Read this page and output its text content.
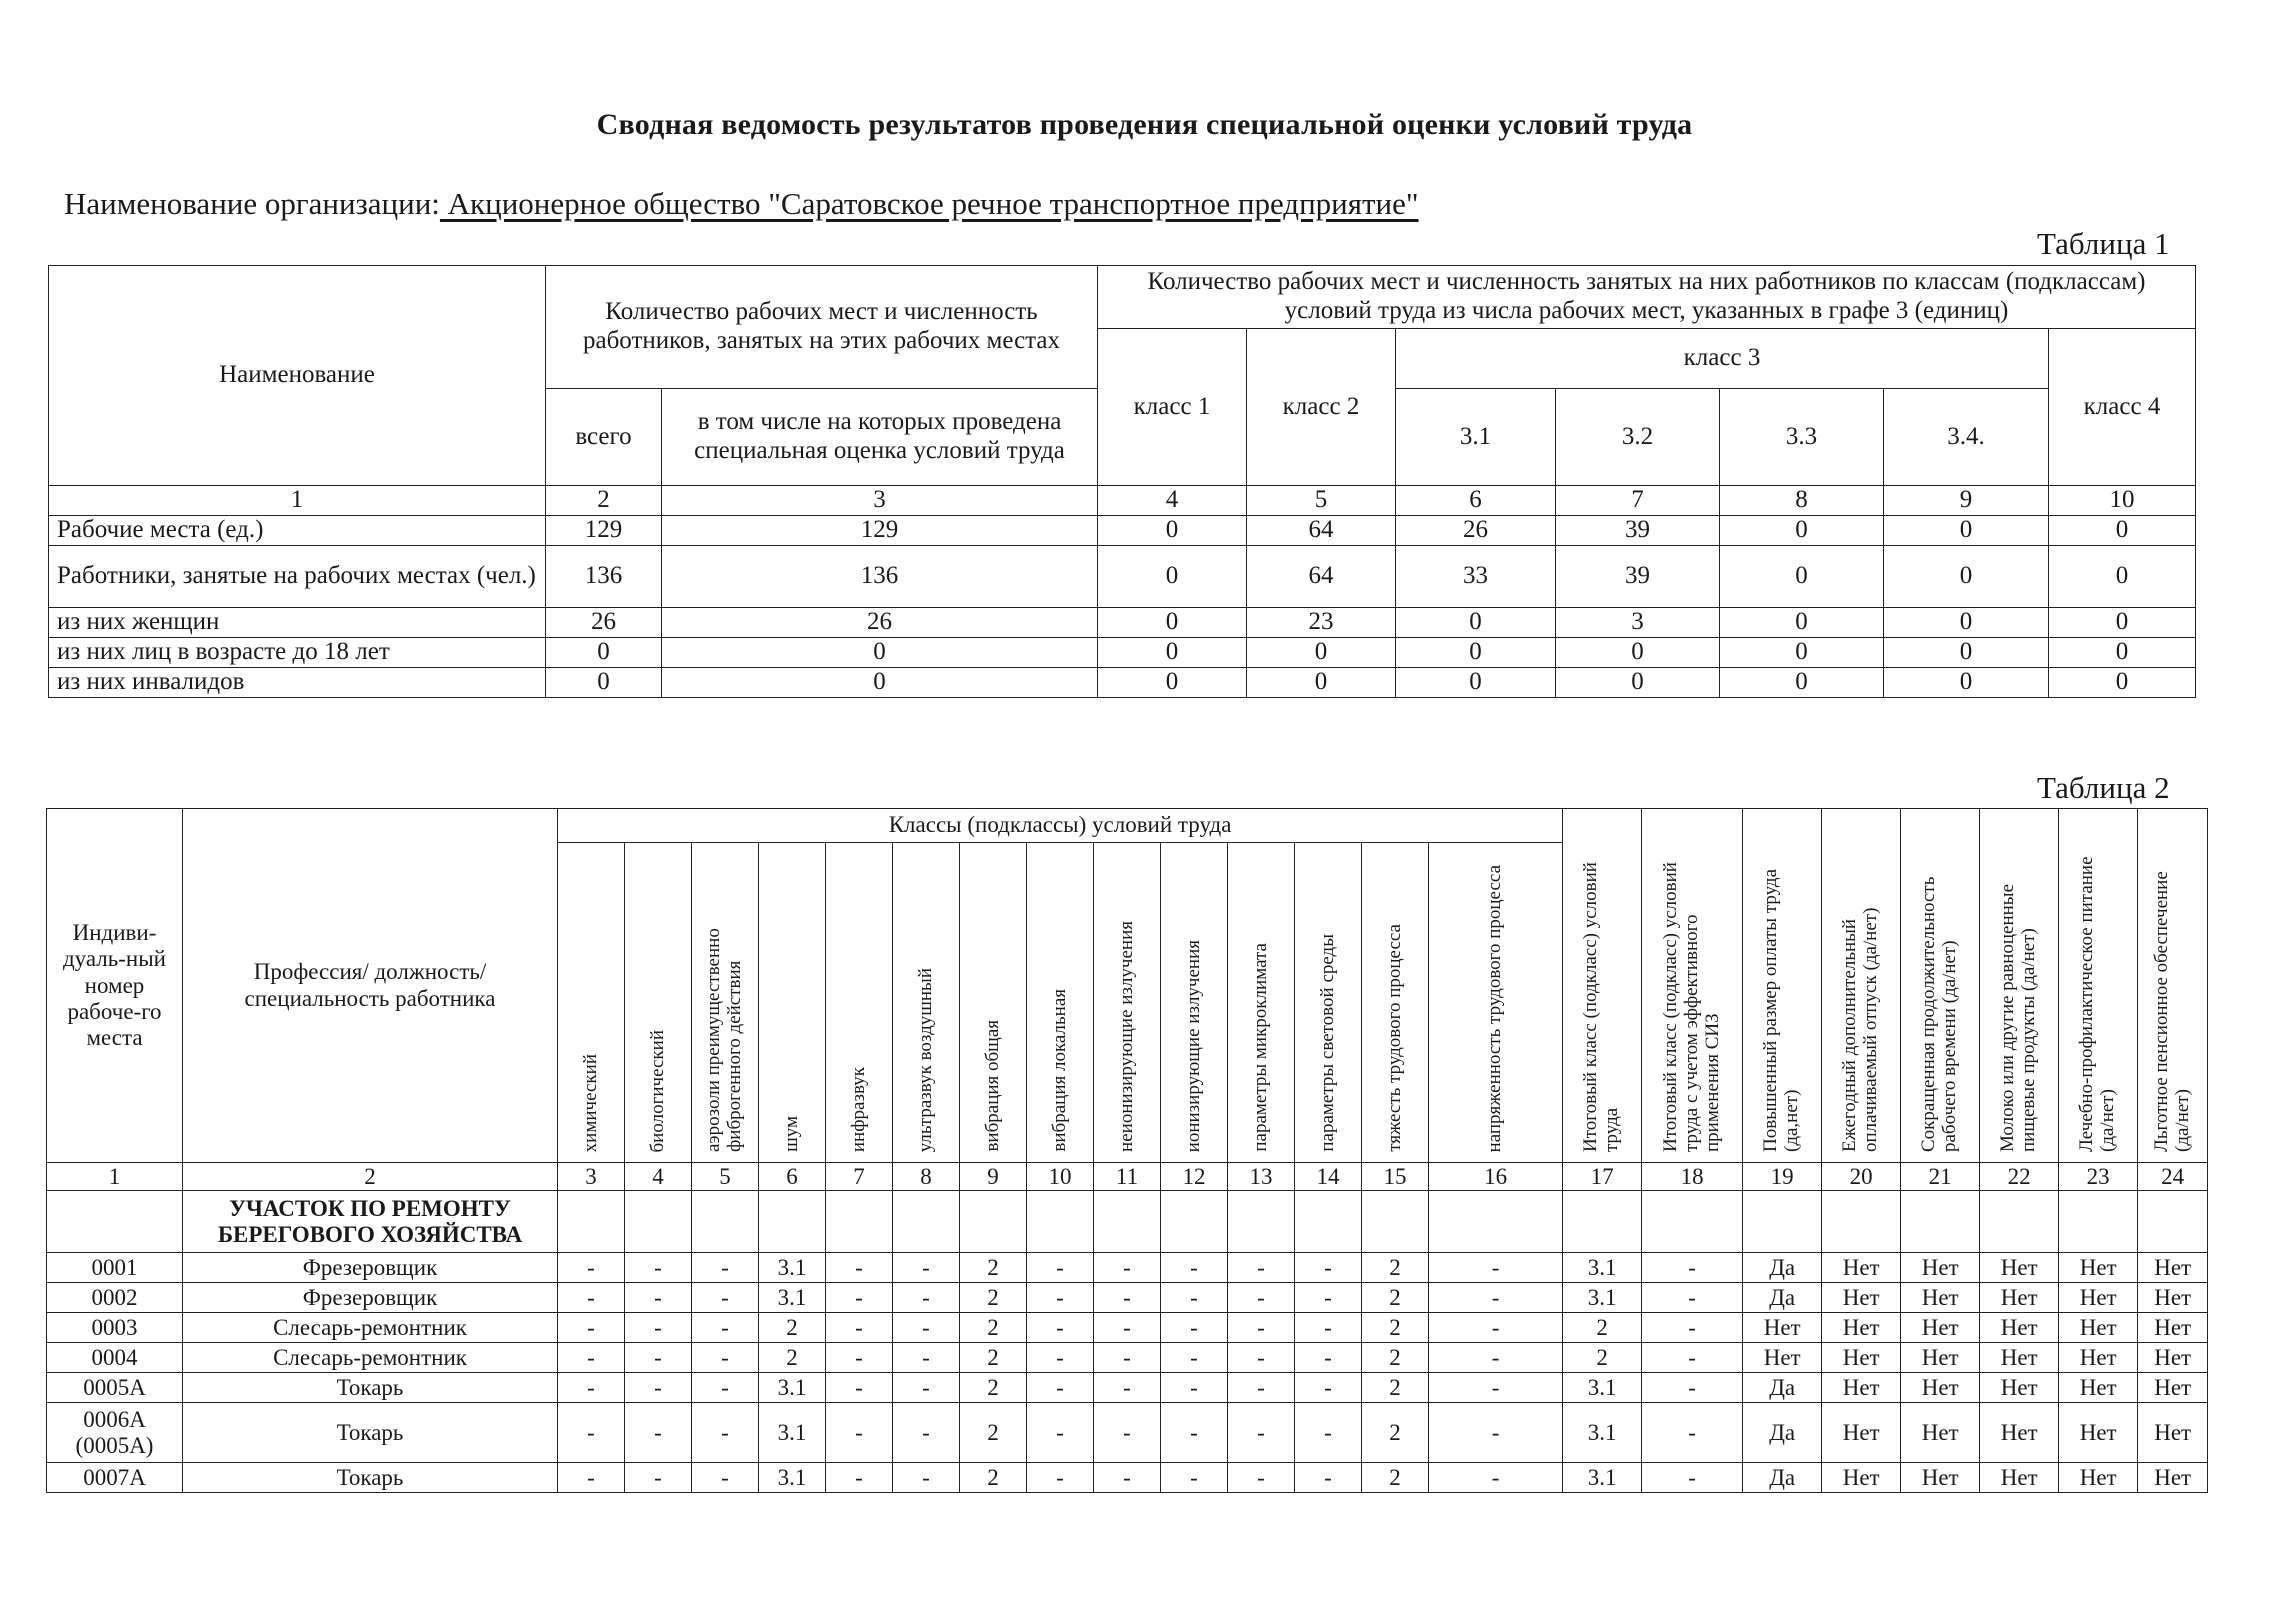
Сводная ведомость результатов проведения специальной оценки условий труда
Наименование организации: Акционерное общество "Саратовское речное транспортное предприятие"
Таблица 1
Наименование	Количество рабочих мест и численность работников, занятых на этих рабочих местах		Количество рабочих мест и численность занятых на них работников по классам (подклассам) условий труда из числа рабочих мест, указанных в графе 3 (единиц)						
			класс 1	класс 2	класс 3				класс 4
	всего	в том числе на которых проведена специальная оценка условий труда			3.1	3.2	3.3	3.4.	
1	2	3	4	5	6	7	8	9	10
Рабочие места (ед.)	129	129	0	64	26	39	0	0	0
Работники, занятые на рабочих местах (чел.)	136	136	0	64	33	39	0	0	0
из них женщин	26	26	0	23	0	3	0	0	0
из них лиц в возрасте до 18 лет	0	0	0	0	0	0	0	0	0
из них инвалидов	0	0	0	0	0	0	0	0	0
Таблица 2
Индиви-дуаль-ный номер рабоче-го места	Профессия/ должность/ специальность работника	Классы (подклассы) условий труда														Итоговый класс (подкласс) условий труда	Итоговый класс (подкласс) условий труда с учетом эффективного применения СИЗ	Повышенный размер оплаты труда (да,нет)	Ежегодный дополнительный оплачиваемый отпуск (да/нет)	Сокращенная продолжительность рабочего времени (да/нет)	Молоко или другие равноценные пищевые продукты (да/нет)	Лечебно-профилактическое питание (да/нет)	Льготное пенсионное обеспечение (да/нет)
		химический	биологический	аэрозоли преимущественно фиброгенного действия	шум	инфразвук	ультразвук воздушный	вибрация общая	вибрация локальная	неионизирующие излучения	ионизирующие излучения	параметры микроклимата	параметры световой среды	тяжесть трудового процесса	напряженность трудового процесса								
1	2	3	4	5	6	7	8	9	10	11	12	13	14	15	16	17	18	19	20	21	22	23	24
	УЧАСТОК ПО РЕМОНТУ БЕРЕГОВОГО ХОЗЯЙСТВА																						
0001	Фрезеровщик	-	-	-	3.1	-	-	2	-	-	-	-	-	2	-	3.1	-	Да	Нет	Нет	Нет	Нет	Нет
0002	Фрезеровщик	-	-	-	3.1	-	-	2	-	-	-	-	-	2	-	3.1	-	Да	Нет	Нет	Нет	Нет	Нет
0003	Слесарь-ремонтник	-	-	-	2	-	-	2	-	-	-	-	-	2	-	2	-	Нет	Нет	Нет	Нет	Нет	Нет
0004	Слесарь-ремонтник	-	-	-	2	-	-	2	-	-	-	-	-	2	-	2	-	Нет	Нет	Нет	Нет	Нет	Нет
0005А	Токарь	-	-	-	3.1	-	-	2	-	-	-	-	-	2	-	3.1	-	Да	Нет	Нет	Нет	Нет	Нет
0006А (0005А)	Токарь	-	-	-	3.1	-	-	2	-	-	-	-	-	2	-	3.1	-	Да	Нет	Нет	Нет	Нет	Нет
0007А	Токарь	-	-	-	3.1	-	-	2	-	-	-	-	-	2	-	3.1	-	Да	Нет	Нет	Нет	Нет	Нет
